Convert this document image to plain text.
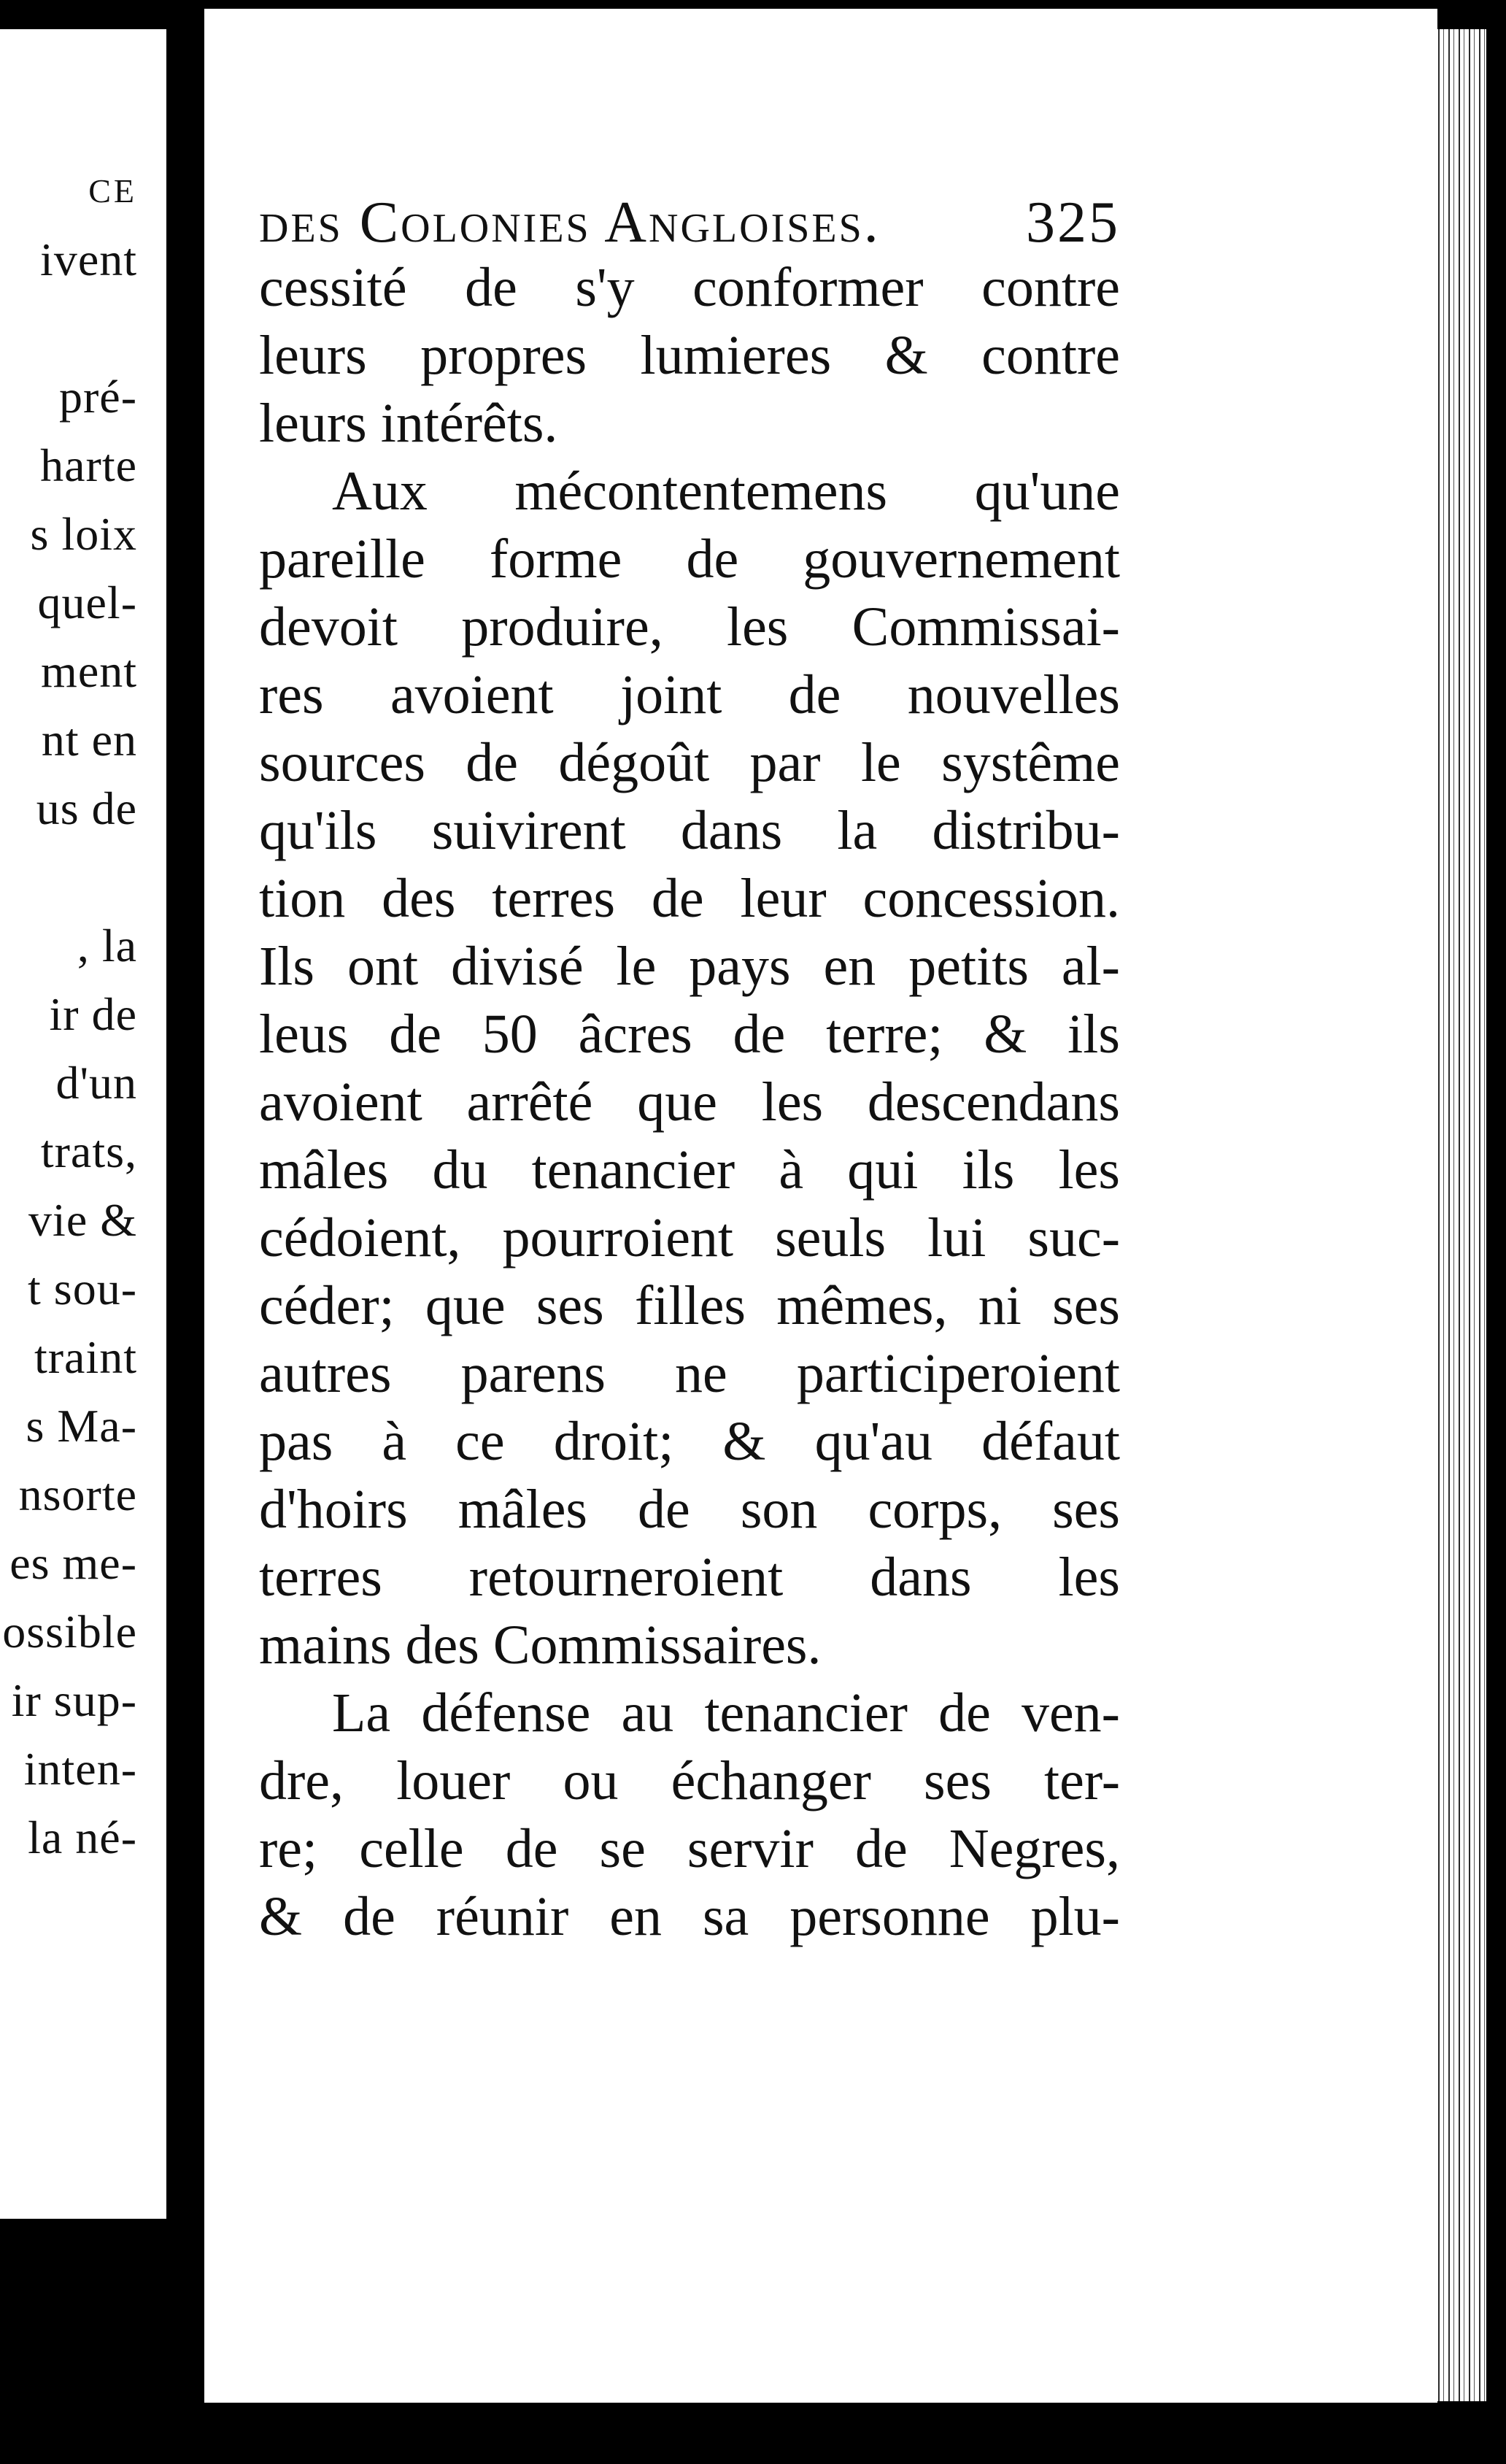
CE
ivent
pré-
harte
s loix
quel-
ment
nt en
us de
, la
ir de
d'un
trats,
vie &
t sou-
traint
s Ma-
nsorte
es me-
ossible
ir sup-
inten-
la né-
des Colonies Angloises. 325
cessité de s'y conformer contre
leurs propres lumieres & contre
leurs intérêts.
Aux mécontentemens qu'une
pareille forme de gouvernement
devoit produire, les Commissai-
res avoient joint de nouvelles
sources de dégoût par le systême
qu'ils suivirent dans la distribu-
tion des terres de leur concession.
Ils ont divisé le pays en petits al-
leus de 50 âcres de terre; & ils
avoient arrêté que les descendans
mâles du tenancier à qui ils les
cédoient, pourroient seuls lui suc-
céder; que ses filles mêmes, ni ses
autres parens ne participeroient
pas à ce droit; & qu'au défaut
d'hoirs mâles de son corps, ses
terres retourneroient dans les
mains des Commissaires.
La défense au tenancier de ven-
dre, louer ou échanger ses ter-
re; celle de se servir de Negres,
& de réunir en sa personne plu-
